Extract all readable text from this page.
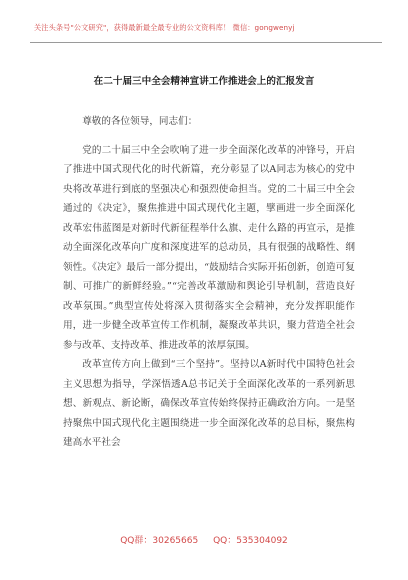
关注头条号"公文研究"，获得最新最全最专业的公文资料库！ 微信：gongwenyj
在二十届三中全会精神宣讲工作推进会上的汇报发言

尊敬的各位领导，同志们：

党的二十届三中全会吹响了进一步全面深化改革的冲锋号，开启了推进中国式现代化的时代新篇，充分彰显了以A同志为核心的党中央将改革进行到底的坚强决心和强烈使命担当。党的二十届三中全会通过的《决定》，聚焦推进中国式现代化主题，擘画进一步全面深化改革宏伟蓝图是对新时代新征程举什么旗、走什么路的再宣示，是推动全面深化改革向广度和深度进军的总动员，具有很强的战略性、纲领性。《决定》最后一部分提出，“鼓励结合实际开拓创新，创造可复制、可推广的新鲜经验。”“完善改革激励和舆论引导机制，营造良好改革氛围。”典型宣传处将深入贯彻落实全会精神，充分发挥职能作用，进一步健全改革宣传工作机制，凝聚改革共识，聚力营造全社会参与改革、支持改革、推进改革的浓厚氛围。

改革宣传方向上做到“三个坚持”。坚持以A新时代中国特色社会主义思想为指导，学深悟透A总书记关于全面深化改革的一系列新思想、新观点、新论断，确保改革宣传始终保持正确政治方向。一是坚持聚焦中国式现代化主题围绕进一步全面深化改革的总目标，聚焦构建高水平社会

QQ群：30265665 QQ：535304092
